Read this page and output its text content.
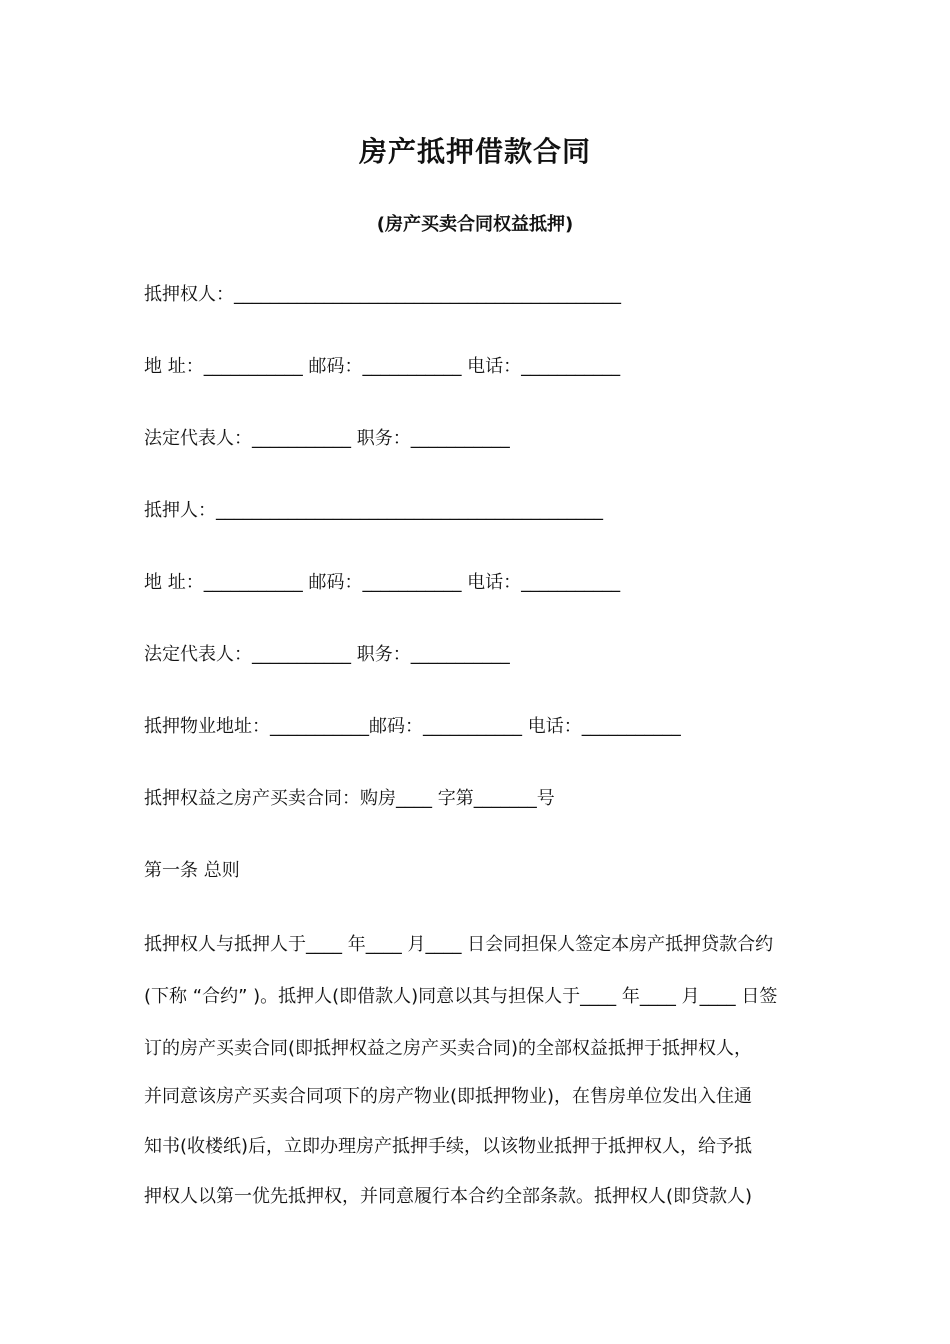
房产抵押借款合同
(房产买卖合同权益抵押)
抵押权人：___________________________________________
地 址：___________ 邮码：___________ 电话：___________
法定代表人：___________ 职务：___________
抵押人：___________________________________________
地 址：___________ 邮码：___________ 电话：___________
法定代表人：___________ 职务：___________
抵押物业地址：___________邮码：___________ 电话：___________
抵押权益之房产买卖合同：购房____ 字第_______号
第一条 总则
抵押权人与抵押人于____ 年____ 月____ 日会同担保人签定本房产抵押贷款合约
(下称 “合约” )。抵押人(即借款人)同意以其与担保人于____ 年____ 月____ 日签
订的房产买卖合同(即抵押权益之房产买卖合同)的全部权益抵押于抵押权人，
并同意该房产买卖合同项下的房产物业(即抵押物业)，在售房单位发出入住通
知书(收楼纸)后，立即办理房产抵押手续，以该物业抵押于抵押权人，给予抵
押权人以第一优先抵押权，并同意履行本合约全部条款。抵押权人(即贷款人)
